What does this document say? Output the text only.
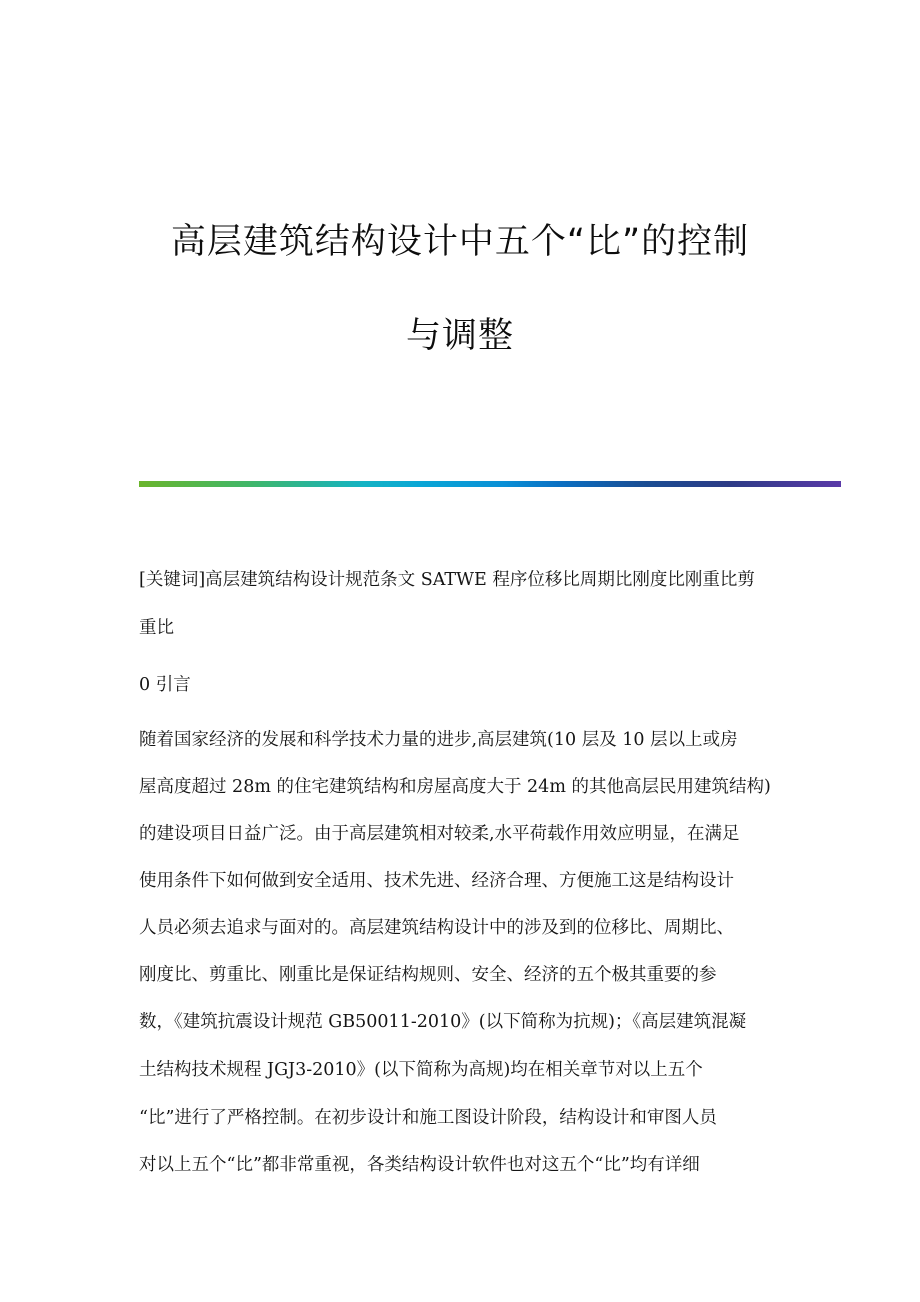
高层建筑结构设计中五个“比”的控制
与调整

[关键词]高层建筑结构设计规范条文 SATWE 程序位移比周期比刚度比刚重比剪

重比

0 引言

随着国家经济的发展和科学技术力量的进步,高层建筑(10 层及 10 层以上或房

屋高度超过 28m 的住宅建筑结构和房屋高度大于 24m 的其他高层民用建筑结构)

的建设项目日益广泛。由于高层建筑相对较柔,水平荷载作用效应明显，在满足

使用条件下如何做到安全适用、技术先进、经济合理、方便施工这是结构设计

人员必须去追求与面对的。高层建筑结构设计中的涉及到的位移比、周期比、

刚度比、剪重比、刚重比是保证结构规则、安全、经济的五个极其重要的参

数，《建筑抗震设计规范 GB50011-2010》(以下简称为抗规)；《高层建筑混凝

土结构技术规程 JGJ3-2010》(以下简称为高规)均在相关章节对以上五个

“比”进行了严格控制。在初步设计和施工图设计阶段，结构设计和审图人员

对以上五个“比”都非常重视，各类结构设计软件也对这五个“比”均有详细
